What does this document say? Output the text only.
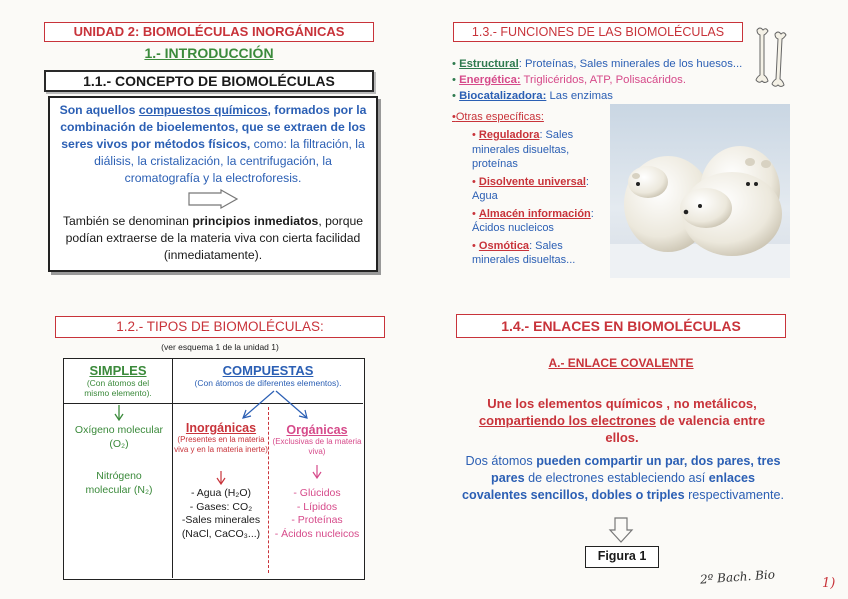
UNIDAD 2: BIOMOLÉCULAS INORGÁNICAS
1.- INTRODUCCIÓN
1.1.- CONCEPTO DE BIOMOLÉCULAS
Son aquellos compuestos químicos, formados por la combinación de bioelementos, que se extraen de los seres vivos por métodos físicos, como: la filtración, la diálisis, la cristalización, la centrifugación, la cromatografía y la electroforesis.
También se denominan principios inmediatos, porque podían extraerse de la materia viva con cierta facilidad (inmediatamente).
1.2.- TIPOS DE BIOMOLÉCULAS:
(ver esquema 1 de la unidad 1)
SIMPLES
(Con átomos del mismo elemento).
COMPUESTAS
(Con átomos de diferentes elementos).
Oxígeno molecular (O₂)
Nitrógeno molecular (N₂)
Inorgánicas
(Presentes en la materia viva y en la materia inerte)
- Agua (H₂O)
- Gases: CO₂
-Sales minerales
(NaCl, CaCO₃...)
Orgánicas
(Exclusivas de la materia viva)
- Glúcidos
- Lípidos
- Proteínas
- Ácidos nucleicos
1.3.- FUNCIONES DE LAS BIOMOLÉCULAS
• Estructural: Proteínas, Sales minerales de los huesos...
• Energética: Triglicéridos, ATP, Polisacáridos.
• Biocatalizadora: Las enzimas
•Otras específicas:
• Reguladora: Sales minerales disueltas, proteínas
• Disolvente universal: Agua
• Almacén información: Ácidos nucleicos
• Osmótica: Sales minerales disueltas...
1.4.- ENLACES EN BIOMOLÉCULAS
A.- ENLACE COVALENTE
Une los elementos químicos , no metálicos, compartiendo los electrones de valencia entre ellos.
Dos átomos pueden compartir un par, dos pares, tres pares de electrones estableciendo así enlaces covalentes sencillos, dobles o triples respectivamente.
Figura 1
2º Bach. Bio	1)
